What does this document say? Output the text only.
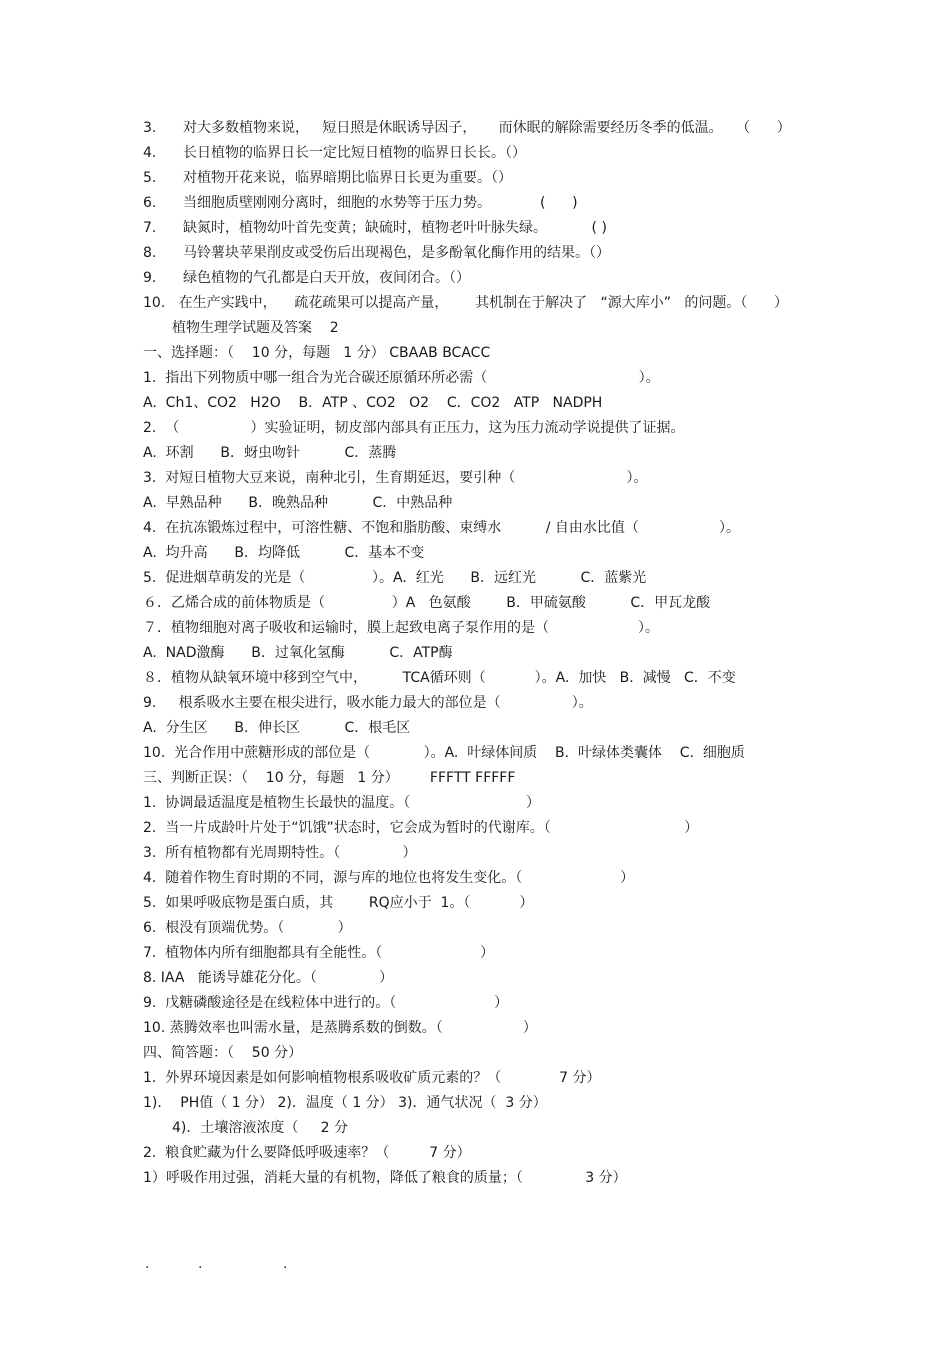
3.      对大多数植物来说，   短日照是休眠诱导因子，     而休眠的解除需要经历冬季的低温。   （      ）
4.      长日植物的临界日长一定比短日植物的临界日长长。（）
5.      对植物开花来说，临界暗期比临界日长更为重要。（）
6.      当细胞质壁刚刚分离时，细胞的水势等于压力势。           (      )
7.      缺氮时，植物幼叶首先变黄；缺硫时，植物老叶叶脉失绿。          ( )
8.      马铃薯块苹果削皮或受伤后出现褐色，是多酚氧化酶作用的结果。（）
9.      绿色植物的气孔都是白天开放，夜间闭合。（）
10.   在生产实践中，    疏花疏果可以提高产量，      其机制在于解决了   “源大库小”   的问题。（      ）
植物生理学试题及答案    2
一、选择题：（    10 分，每题   1 分） CBAAB BCACC
1.  指出下列物质中哪一组合为光合碳还原循环所必需（                                  ）。
A.  Ch1、CO2   H2O    B．ATP 、CO2   O2    C．CO2   ATP   NADPH
2.  （                ）实验证明，韧皮部内部具有正压力，这为压力流动学说提供了证据。
A.  环割      B．蚜虫吻针          C．蒸腾
3.  对短日植物大豆来说，南种北引，生育期延迟，要引种（                         ）。
A.  早熟品种      B．晚熟品种          C．中熟品种
4.  在抗冻锻炼过程中，可溶性糖、不饱和脂肪酸、束缚水          / 自由水比值（                  ）。
A.  均升高      B．均降低          C．基本不变
5.  促进烟草萌发的光是（               ）。A.  红光      B．远红光          C．蓝紫光
６．乙烯合成的前体物质是（               ）A   色氨酸        B．甲硫氨酸          C．甲瓦龙酸
７．植物细胞对离子吸收和运输时，膜上起致电离子泵作用的是（                    ）。
A.  NAD激酶      B．过氧化氢酶          C．ATP酶
８．植物从缺氧环境中移到空气中，        TCA循环则（           ）。A.  加快   B.  减慢   C．不变
9.     根系吸水主要在根尖进行，吸水能力最大的部位是（                ）。
A.  分生区      B．伸长区          C．根毛区
10.  光合作用中蔗糖形成的部位是（            ）。A.  叶绿体间质    B.  叶绿体类囊体    C.  细胞质
三、判断正误：（    10 分，每题   1 分）       FFFTT FFFFF
1.  协调最适温度是植物生长最快的温度。（                          ）
2.  当一片成龄叶片处于“饥饿”状态时，它会成为暂时的代谢库。（                              ）
3.  所有植物都有光周期特性。（              ）
4.  随着作物生育时期的不同，源与库的地位也将发生变化。（                      ）
5.  如果呼吸底物是蛋白质，其        RQ应小于  1。（           ）
6.  根没有顶端优势。（            ）
7.  植物体内所有细胞都具有全能性。（                      ）
8. IAA   能诱导雄花分化。（              ）
9.  戊糖磷酸途径是在线粒体中进行的。（                      ）
10. 蒸腾效率也叫需水量，是蒸腾系数的倒数。（                  ）
四、简答题：（    50 分）
1.  外界环境因素是如何影响植物根系吸收矿质元素的？（             7 分）
1)．  PH值（ 1 分） 2)．温度（ 1 分） 3)．通气状况（  3 分）
4)．土壤溶液浓度（     2 分
2.  粮食贮藏为什么要降低呼吸速率？（         7 分）
1）呼吸作用过强，消耗大量的有机物，降低了粮食的质量；（              3 分）
.	.	.
